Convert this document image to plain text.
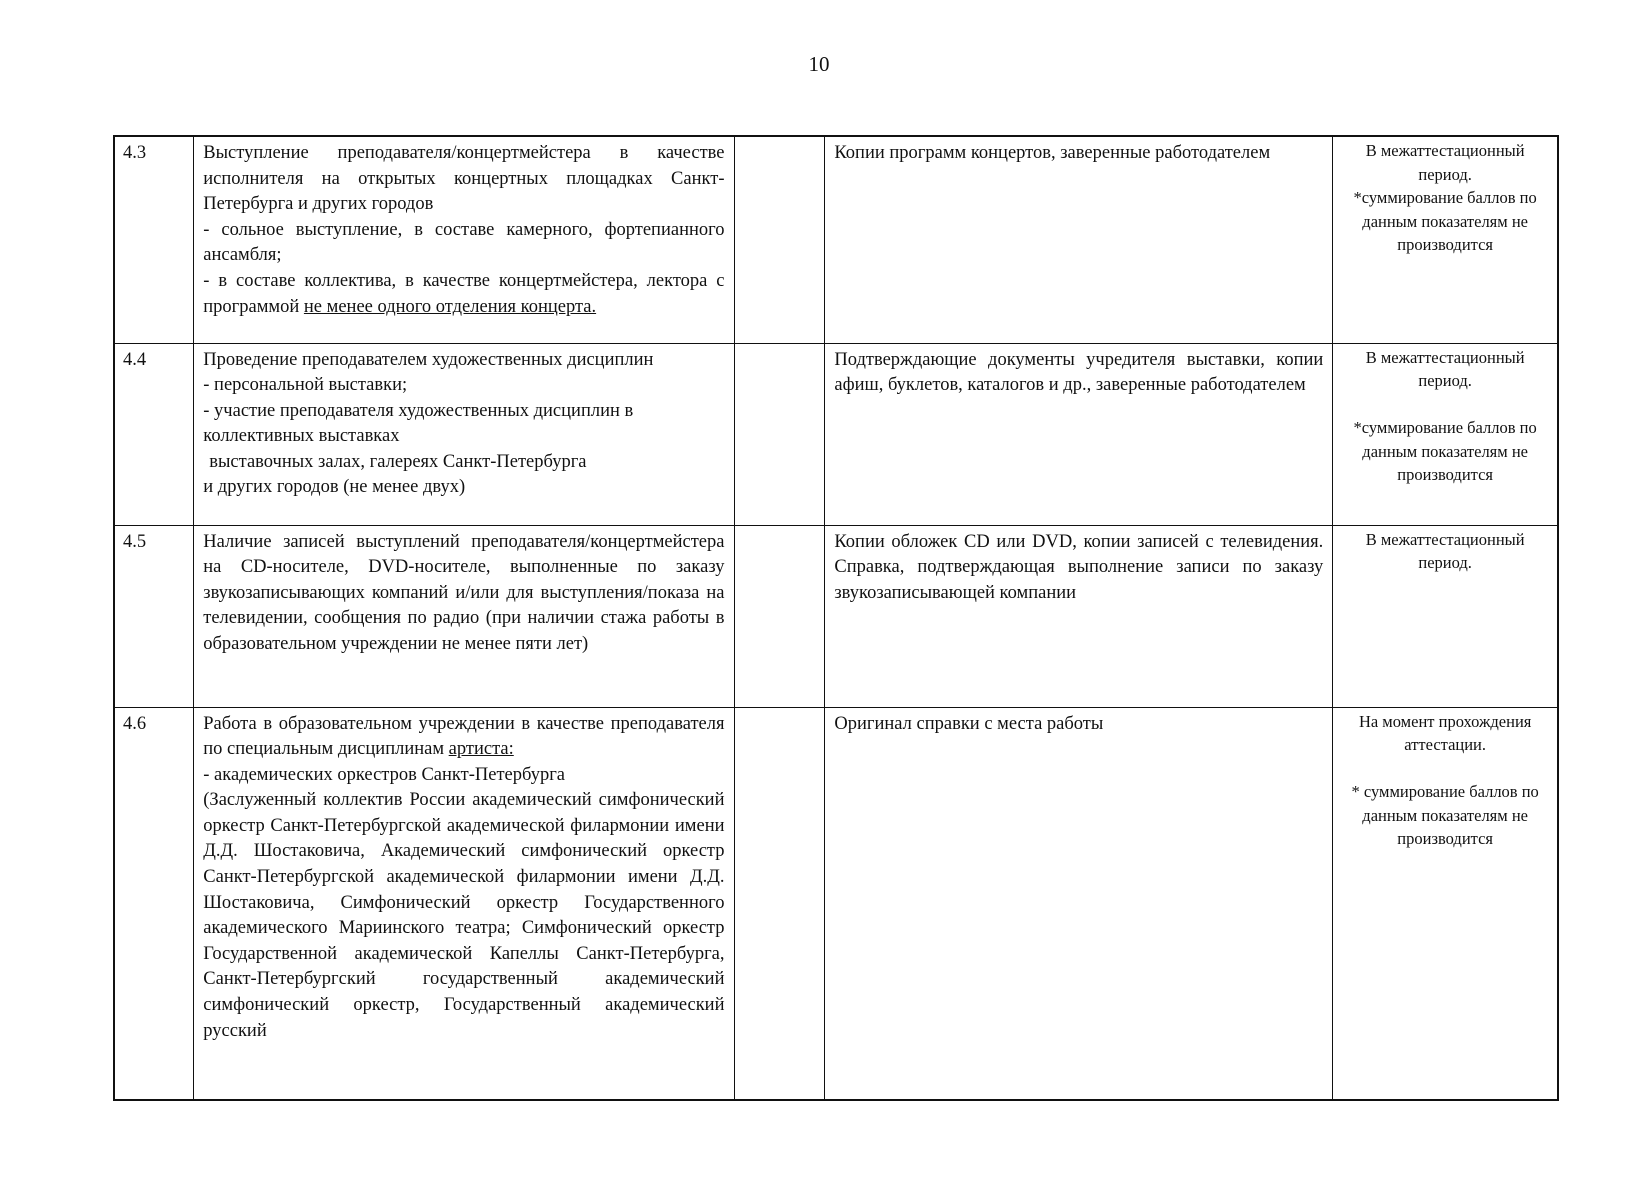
10
4.3	Выступление преподавателя/концертмейстера в качестве исполнителя на открытых концертных площадках Санкт-Петербурга и других городов
- сольное выступление, в составе камерного, фортепианного ансамбля;
- в составе коллектива, в качестве концертмейстера, лектора с программой не менее одного отделения концерта.		Копии программ концертов, заверенные работодателем	В межаттестационный период.
*суммирование баллов по данным показателям не производится

4.4	Проведение преподавателем художественных дисциплин
- персональной выставки;
- участие преподавателя художественных дисциплин в коллективных выставках
выставочных залах, галереях Санкт-Петербурга
и других городов (не менее двух)		Подтверждающие документы учредителя выставки, копии афиш, буклетов, каталогов и др., заверенные работодателем	В межаттестационный период.
*суммирование баллов по данным показателям не производится

4.5	Наличие записей выступлений преподавателя/концертмейстера на CD-носителе, DVD-носителе, выполненные по заказу звукозаписывающих компаний и/или для выступления/показа на телевидении, сообщения по радио (при наличии стажа работы в образовательном учреждении не менее пяти лет)		Копии обложек CD или DVD, копии записей с телевидения. Справка, подтверждающая выполнение записи по заказу звукозаписывающей компании	В межаттестационный период.

4.6	Работа в образовательном учреждении в качестве преподавателя по специальным дисциплинам артиста:
- академических оркестров Санкт-Петербурга
(Заслуженный коллектив России академический симфонический оркестр Санкт-Петербургской академической филармонии имени Д.Д. Шостаковича, Академический симфонический оркестр Санкт-Петербургской академической филармонии имени Д.Д. Шостаковича, Симфонический оркестр Государственного академического Мариинского театра; Симфонический оркестр Государственной академической Капеллы Санкт-Петербурга, Санкт-Петербургский государственный академический симфонический оркестр, Государственный академический русский		Оригинал справки с места работы	На момент прохождения аттестации.
* суммирование баллов по данным показателям не производится
